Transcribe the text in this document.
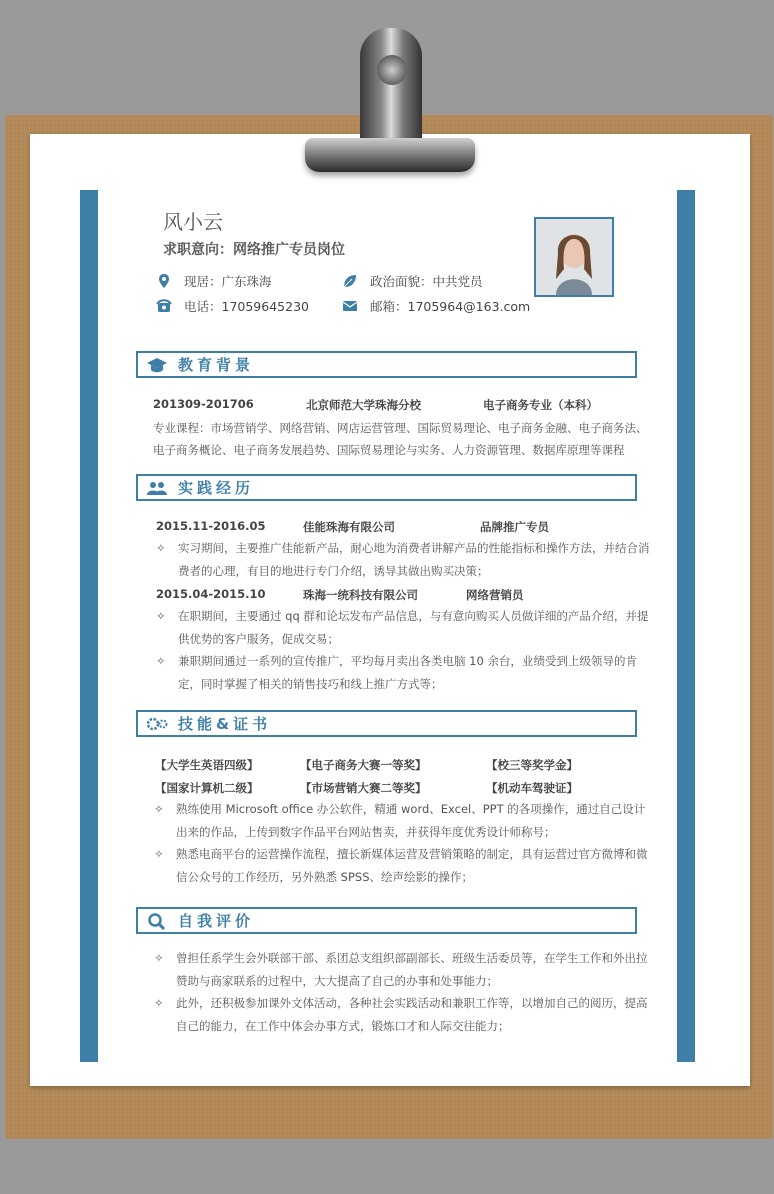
风小云
求职意向：网络推广专员岗位
现居：广东珠海	政治面貌：中共党员
电话：17059645230	邮箱：1705964@163.com
教育背景
201309-201706	北京师范大学珠海分校	电子商务专业（本科）
专业课程：市场营销学、网络营销、网店运营管理、国际贸易理论、电子商务金融、电子商务法、
电子商务概论、电子商务发展趋势、国际贸易理论与实务、人力资源管理、数据库原理等课程
实践经历
2015.11-2016.05	佳能珠海有限公司	品牌推广专员
✧ 实习期间，主要推广佳能新产品，耐心地为消费者讲解产品的性能指标和操作方法，并结合消费者的心理，有目的地进行专门介绍，诱导其做出购买决策；
2015.04-2015.10	珠海一统科技有限公司	网络营销员
✧ 在职期间，主要通过 qq 群和论坛发布产品信息，与有意向购买人员做详细的产品介绍，并提供优势的客户服务，促成交易；
✧ 兼职期间通过一系列的宣传推广，平均每月卖出各类电脑 10 余台，业绩受到上级领导的肯定，同时掌握了相关的销售技巧和线上推广方式等；
技能&证书
【大学生英语四级】	【电子商务大赛一等奖】	【校三等奖学金】
【国家计算机二级】	【市场营销大赛二等奖】	【机动车驾驶证】
✧ 熟练使用 Microsoft office 办公软件，精通 word、Excel、PPT 的各项操作，通过自己设计出来的作品，上传到数字作品平台网站售卖，并获得年度优秀设计师称号；
✧ 熟悉电商平台的运营操作流程，擅长新媒体运营及营销策略的制定，具有运营过官方微博和微信公众号的工作经历，另外熟悉 SPSS、绘声绘影的操作；
自我评价
✧ 曾担任系学生会外联部干部、系团总支组织部副部长、班级生活委员等，在学生工作和外出拉赞助与商家联系的过程中，大大提高了自己的办事和处事能力；
✧ 此外，还积极参加课外文体活动，各种社会实践活动和兼职工作等，以增加自己的阅历，提高自己的能力，在工作中体会办事方式，锻炼口才和人际交往能力；
